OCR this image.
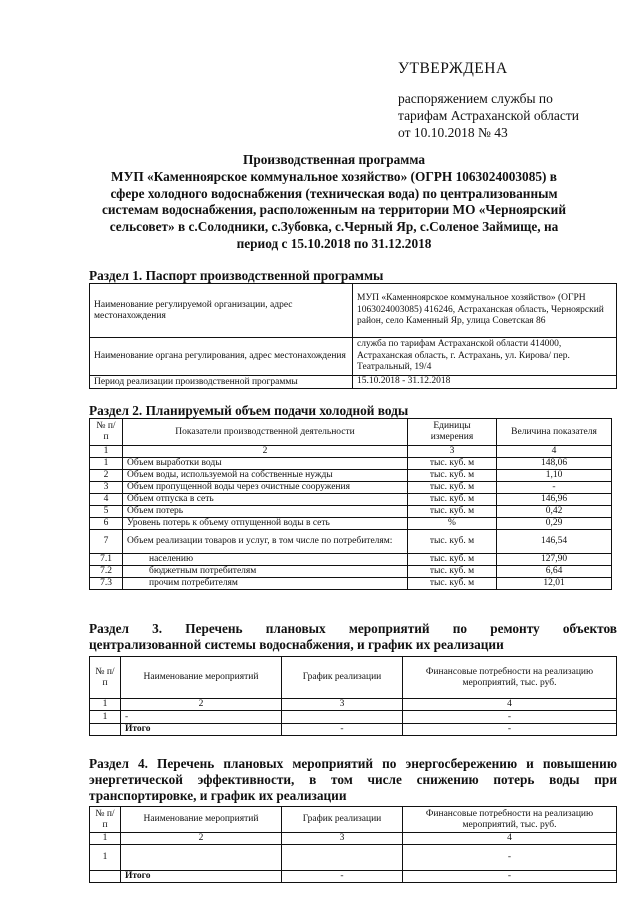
УТВЕРЖДЕНА
распоряжением службы по
тарифам Астраханской области
от 10.10.2018 № 43
Производственная программа
МУП «Каменноярское коммунальное хозяйство» (ОГРН 1063024003085) в
сфере холодного водоснабжения (техническая вода) по централизованным
системам водоснабжения, расположенным на территории МО «Черноярский
сельсовет» в с.Солодники, с.Зубовка, с.Черный Яр, с.Соленое Займище, на
период с 15.10.2018 по 31.12.2018
Раздел 1. Паспорт производственной программы
Наименование регулируемой организации, адрес местонахождения	МУП «Каменноярское коммунальное хозяйство» (ОГРН 1063024003085) 416246, Астраханская область, Черноярский район, село Каменный Яр, улица Советская 86
Наименование органа регулирования, адрес местонахождения	служба по тарифам Астраханской области 414000, Астраханская область, г. Астрахань, ул. Кирова/ пер. Театральный, 19/4
Период реализации производственной программы	15.10.2018 - 31.12.2018
Раздел 2. Планируемый объем подачи холодной воды
№ п/п	Показатели производственной деятельности	Единицы измерения	Величина показателя
1	2	3	4
1	Объем выработки воды	тыс. куб. м	148,06
2	Объем воды, используемой на собственные нужды	тыс. куб. м	1,10
3	Объем пропущенной воды через очистные сооружения	тыс. куб. м	-
4	Объем отпуска в сеть	тыс. куб. м	146,96
5	Объем потерь	тыс. куб. м	0,42
6	Уровень потерь к объему отпущенной воды в сеть	%	0,29
7	Объем реализации товаров и услуг, в том числе по потребителям:	тыс. куб. м	146,54
7.1	населению	тыс. куб. м	127,90
7.2	бюджетным потребителям	тыс. куб. м	6,64
7.3	прочим потребителям	тыс. куб. м	12,01
Раздел 3. Перечень плановых мероприятий по ремонту объектов
централизованной системы водоснабжения, и график их реализации
№ п/п	Наименование мероприятий	График реализации	Финансовые потребности на реализацию мероприятий, тыс. руб.
1	2	3	4
1	-		-
	Итого	-	-
Раздел 4. Перечень плановых мероприятий по энергосбережению и повышению
энергетической эффективности, в том числе снижению потерь воды при
транспортировке, и график их реализации
№ п/п	Наименование мероприятий	График реализации	Финансовые потребности на реализацию мероприятий, тыс. руб.
1	2	3	4
1			-
	Итого	-	-
